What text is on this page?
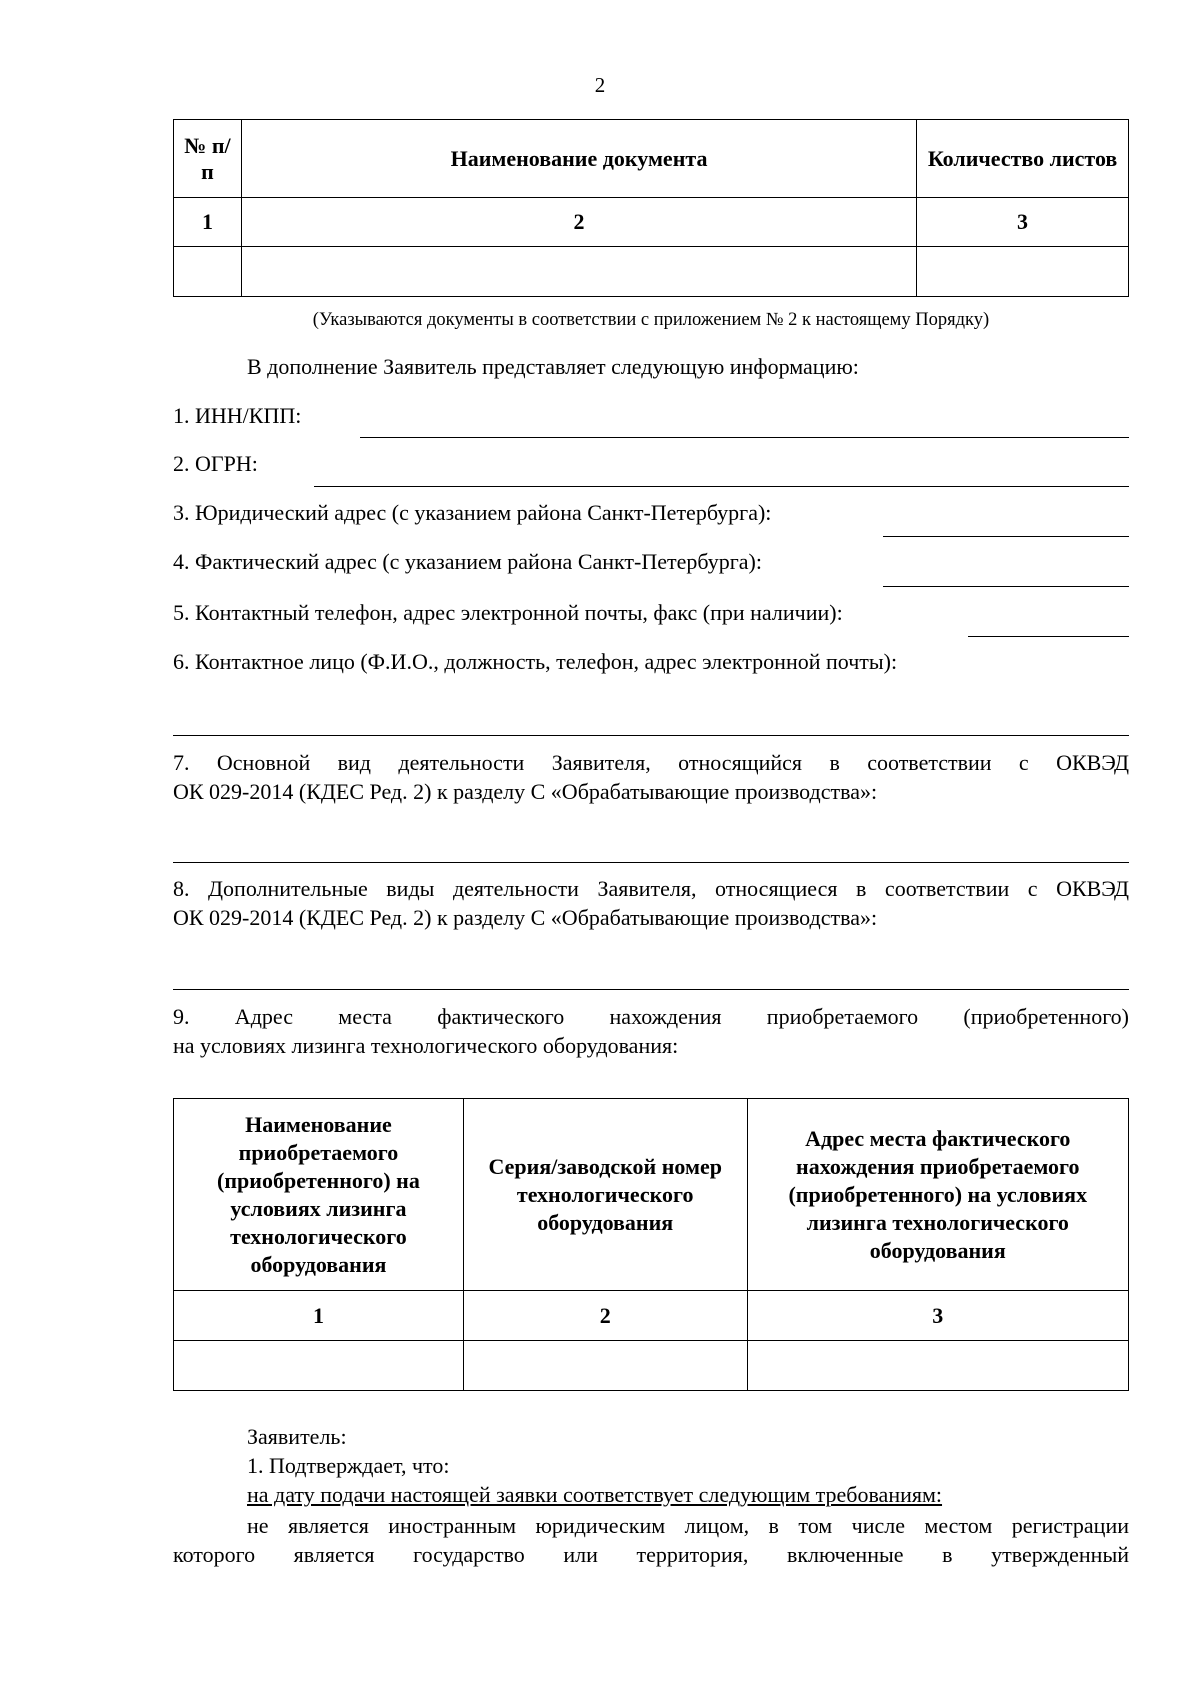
2
№ п/п	Наименование документа	Количество листов
1	2	3

(Указываются документы в соответствии с приложением № 2 к настоящему Порядку)
В дополнение Заявитель представляет следующую информацию:
1. ИНН/КПП:
2. ОГРН:
3. Юридический адрес (с указанием района Санкт-Петербурга):
4. Фактический адрес (с указанием района Санкт-Петербурга):
5. Контактный телефон, адрес электронной почты, факс (при наличии):
6. Контактное лицо (Ф.И.О., должность, телефон, адрес электронной почты):
7. Основной вид деятельности Заявителя, относящийся в соответствии с ОКВЭД
ОК 029-2014 (КДЕС Ред. 2) к разделу С «Обрабатывающие производства»:
8. Дополнительные виды деятельности Заявителя, относящиеся в соответствии с ОКВЭД
ОК 029-2014 (КДЕС Ред. 2) к разделу С «Обрабатывающие производства»:
9. Адрес места фактического нахождения приобретаемого (приобретенного)
на условиях лизинга технологического оборудования:
Наименование приобретаемого (приобретенного) на условиях лизинга технологического оборудования	Серия/заводской номер технологического оборудования	Адрес места фактического нахождения приобретаемого (приобретенного) на условиях лизинга технологического оборудования
1	2	3

Заявитель:
1. Подтверждает, что:
на дату подачи настоящей заявки соответствует следующим требованиям:
не является иностранным юридическим лицом, в том числе местом регистрации
которого является государство или территория, включенные в утвержденный
